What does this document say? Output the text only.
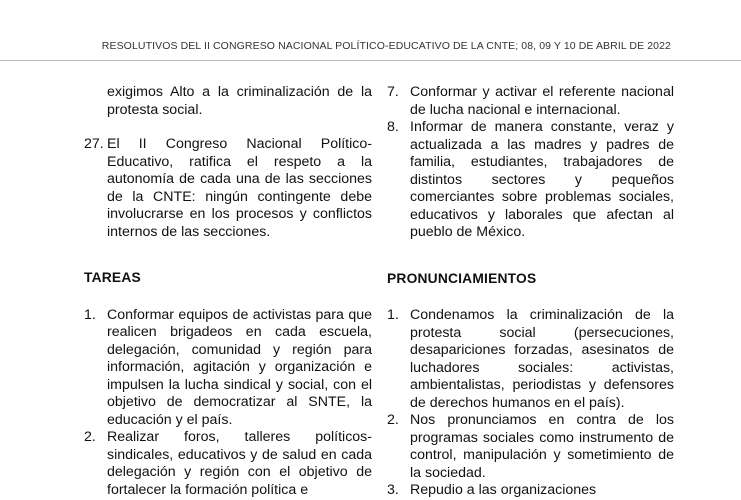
RESOLUTIVOS DEL II CONGRESO NACIONAL POLÍTICO-EDUCATIVO DE LA CNTE; 08, 09 Y 10 DE ABRIL DE 2022

exigimos Alto a la criminalización de la protesta social.

27. El II Congreso Nacional Político-Educativo, ratifica el respeto a la autonomía de cada una de las secciones de la CNTE: ningún contingente debe involucrarse en los procesos y conflictos internos de las secciones.

TAREAS

1. Conformar equipos de activistas para que realicen brigadeos en cada escuela, delegación, comunidad y región para información, agitación y organización e impulsen la lucha sindical y social, con el objetivo de democratizar al SNTE, la educación y el país.
2. Realizar foros, talleres políticos-sindicales, educativos y de salud en cada delegación y región con el objetivo de fortalecer la formación política e
7. Conformar y activar el referente nacional de lucha nacional e internacional.
8. Informar de manera constante, veraz y actualizada a las madres y padres de familia, estudiantes, trabajadores de distintos sectores y pequeños comerciantes sobre problemas sociales, educativos y laborales que afectan al pueblo de México.

PRONUNCIAMIENTOS

1. Condenamos la criminalización de la protesta social (persecuciones, desapariciones forzadas, asesinatos de luchadores sociales: activistas, ambientalistas, periodistas y defensores de derechos humanos en el país).
2. Nos pronunciamos en contra de los programas sociales como instrumento de control, manipulación y sometimiento de la sociedad.
3. Repudio a las organizaciones
